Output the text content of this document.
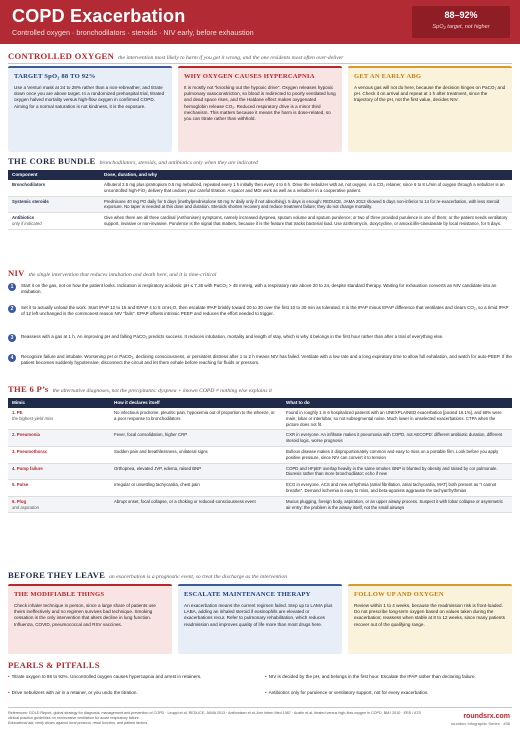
COPD Exacerbation
Controlled oxygen · bronchodilators · steroids · NIV early, before exhaustion
88–92%
SpO₂ target, not higher
CONTROLLED OXYGEN the intervention most likely to harm if you get it wrong, and the one residents most often over-deliver
TARGET SpO₂ 88 TO 92%

Use a Venturi mask at 24 to 28% rather than a non-rebreather, and titrate down once you are above target. In a randomized prehospital trial, titrated oxygen halved mortality versus high-flow oxygen in confirmed COPD. Aiming for a normal saturation is not kindness, it is the exposure.

WHY OXYGEN CAUSES HYPERCAPNIA

It is mostly not "knocking out the hypoxic drive". Oxygen releases hypoxic pulmonary vasoconstriction, so blood is redirected to poorly ventilated lung and dead space rises, and the Haldane effect makes oxygenated hemoglobin release CO₂. Reduced respiratory drive is a minor third mechanism. This matters because it means the harm is dose-related, so you can titrate rather than withhold.

GET AN EARLY ABG

A venous gas will not do here, because the decision hinges on PaCO₂ and pH. Check it on arrival and repeat at 1 h after treatment, since the trajectory of the pH, not the first value, decides NIV.

THE CORE BUNDLE bronchodilators, steroids, and antibiotics only when they are indicated
Component	Dose, duration, and why
Bronchodilators	Albuterol 2.5 mg plus ipratropium 0.5 mg nebulized, repeated every 1 h initially then every 4 to 6 h. Drive the nebulizer with air, not oxygen, in a CO₂ retainer, since 6 to 8 L/min of oxygen through a nebulizer is an uncontrolled high-FiO₂ delivery that undoes your careful titration. A spacer and MDI work as well as a nebulizer in a cooperative patient.
Systemic steroids	Prednisone 40 mg PO daily for 5 days (methylprednisolone 60 mg IV daily only if not absorbing). 5 days is enough: REDUCE, JAMA 2013 showed 5 days non-inferior to 14 for re-exacerbation, with less steroid exposure. No taper is needed at this dose and duration. Steroids shorten recovery and reduce treatment failure; they do not change mortality.
Antibiotics
only if indicated	Give when there are all three cardinal (Anthonisen) symptoms, namely increased dyspnea, sputum volume and sputum purulence; or two of three provided purulence is one of them; or the patient needs ventilatory support, invasive or non-invasive. Purulence is the signal that matters, because it is the feature that tracks bacterial load. Use azithromycin, doxycycline, or amoxicillin-clavulanate by local resistance, for 5 days.
NIV the single intervention that reduces intubation and death here, and it is time-critical
1	Start it on the gas, not on how the patient looks. Indication is respiratory acidosis: pH ≤ 7.35 with PaCO₂ > 45 mmHg, with a respiratory rate above 20 to 24, despite standard therapy. Waiting for exhaustion converts an NIV candidate into an intubation.
2	Set it to actually unload the work. Start IPAP 12 to 15 and EPAP 4 to 5 cmH₂O, then escalate IPAP briskly toward 20 to 30 over the first 10 to 30 min as tolerated. It is the IPAP minus EPAP difference that ventilates and clears CO₂, so a timid IPAP of 12 left unchanged is the commonest reason NIV "fails". EPAP offsets intrinsic PEEP and reduces the effort needed to trigger.
3	Reassess with a gas at 1 h. An improving pH and falling PaCO₂ predicts success. It reduces intubation, mortality and length of stay, which is why it belongs in the first hour rather than after a trial of everything else.
4	Recognize failure and intubate. Worsening pH or PaCO₂, declining consciousness, or persistent distress after 1 to 2 h means NIV has failed. Ventilate with a low rate and a long expiratory time to allow full exhalation, and watch for auto-PEEP. If the patient becomes suddenly hypotensive, disconnect the circuit and let them exhale before reaching for fluids or pressors.
THE 6 P’s the alternative diagnoses, not the precipitants: dyspnea + known COPD ≠ nothing else explains it
Mimic	How it declares itself	What to do
1. PE
the highest-yield miss	No infectious prodrome, pleuritic pain, hypoxemia out of proportion to the wheeze, or a poor response to bronchodilators	Found in roughly 1 in 6 hospitalized patients with an UNEXPLAINED exacerbation [pooled 16.1%], and 68% were main, lobar or interlobar, so not subsegmental noise. Much lower in unselected exacerbations. CTPA when the picture does not fit.
2. Pneumonia	Fever, focal consolidation, higher CRP	CXR in everyone. An infiltrate makes it pneumonia with COPD, not AECOPD: different antibiotic duration, different steroid logic, worse prognosis
3. Pneumothorax	Sudden pain and breathlessness, unilateral signs	Bullous disease makes it disproportionately common and easy to miss on a portable film. Look before you apply positive pressure, since NIV can convert it to tension
4. Pump failure	Orthopnea, elevated JVP, edema, raised BNP	COPD and HFpEF overlap heavily in the same smoker. BNP is blunted by obesity and raised by cor pulmonale. Diuresis rather than more bronchodilator; echo if new
5. Pulse	Irregular or unsettling tachycardia, chest pain	ECG in everyone. ACS and new arrhythmia (atrial fibrillation, atrial tachycardia, MAT) both present as "I cannot breathe". Demand ischemia is easy to miss, and beta-agonists aggravate the tachyarrhythmias
6. Plug
and aspiration	Abrupt onset, focal collapse, or a choking or reduced-consciousness event	Mucus plugging, foreign body, aspiration, or an upper airway process. Suspect it with lobar collapse or asymmetric air entry: the problem is the airway itself, not the small airways
BEFORE THEY LEAVE an exacerbation is a prognostic event, so treat the discharge as the intervention
THE MODIFIABLE THINGS

Check inhaler technique in person, since a large share of patients use theirs ineffectively and no regimen survives bad technique. Smoking cessation is the only intervention that alters decline in lung function. Influenza, COVID, pneumococcal and RSV vaccines.

ESCALATE MAINTENANCE THERAPY

An exacerbation means the current regimen failed. Step up to LAMA plus LABA, adding an inhaled steroid if eosinophils are elevated or exacerbations recur. Refer to pulmonary rehabilitation, which reduces readmission and improves quality of life more than most drugs here.

FOLLOW UP AND OXYGEN

Review within 1 to 4 weeks, because the readmission risk is front-loaded. Do not prescribe long-term oxygen based on values taken during the exacerbation; reassess when stable at 8 to 12 weeks, since many patients recover out of the qualifying range.

PEARLS & PITFALLS
• Titrate oxygen to 88 to 92%. Uncontrolled oxygen causes hypercapnia and arrest in retainers.	• NIV is decided by the pH, and belongs in the first hour. Escalate the IPAP rather than declaring failure.
• Drive nebulizers with air in a retainer, or you undo the titration.	• Antibiotics only for purulence or ventilatory support, not for every exacerbation.
References: GOLD Report, global strategy for diagnosis, management and prevention of COPD · Leuppi et al, REDUCE, JAMA 2013 · Anthonisen et al, Ann Intern Med 1987 · Austin et al, titrated versus high-flow oxygen in COPD, BMJ 2010 · ERS / ATS clinical practice guidelines on noninvasive ventilation for acute respiratory failure.
Educational aid; verify doses against local protocol, renal function, and patient factors.
roundsrx.com
roundsrx Infographic Series · #38
